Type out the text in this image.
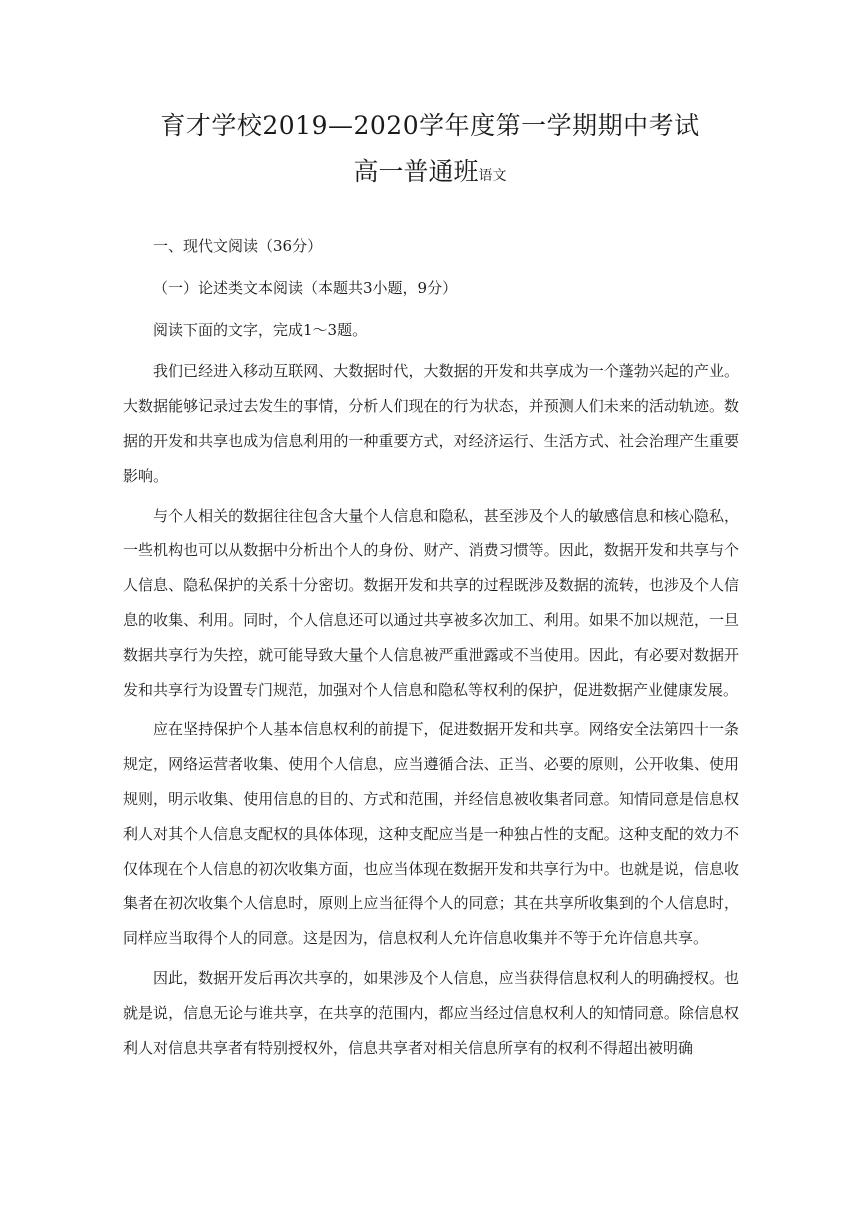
育才学校2019—2020学年度第一学期期中考试
高一普通班语文

一、现代文阅读（36分）

（一）论述类文本阅读（本题共3小题，9分）

阅读下面的文字，完成1～3题。

我们已经进入移动互联网、大数据时代，大数据的开发和共享成为一个蓬勃兴起的产业。大数据能够记录过去发生的事情，分析人们现在的行为状态，并预测人们未来的活动轨迹。数据的开发和共享也成为信息利用的一种重要方式，对经济运行、生活方式、社会治理产生重要影响。

与个人相关的数据往往包含大量个人信息和隐私，甚至涉及个人的敏感信息和核心隐私，一些机构也可以从数据中分析出个人的身份、财产、消费习惯等。因此，数据开发和共享与个人信息、隐私保护的关系十分密切。数据开发和共享的过程既涉及数据的流转，也涉及个人信息的收集、利用。同时，个人信息还可以通过共享被多次加工、利用。如果不加以规范，一旦数据共享行为失控，就可能导致大量个人信息被严重泄露或不当使用。因此，有必要对数据开发和共享行为设置专门规范，加强对个人信息和隐私等权利的保护，促进数据产业健康发展。

应在坚持保护个人基本信息权利的前提下，促进数据开发和共享。网络安全法第四十一条规定，网络运营者收集、使用个人信息，应当遵循合法、正当、必要的原则，公开收集、使用规则，明示收集、使用信息的目的、方式和范围，并经信息被收集者同意。知情同意是信息权利人对其个人信息支配权的具体体现，这种支配应当是一种独占性的支配。这种支配的效力不仅体现在个人信息的初次收集方面，也应当体现在数据开发和共享行为中。也就是说，信息收集者在初次收集个人信息时，原则上应当征得个人的同意；其在共享所收集到的个人信息时，同样应当取得个人的同意。这是因为，信息权利人允许信息收集并不等于允许信息共享。

因此，数据开发后再次共享的，如果涉及个人信息，应当获得信息权利人的明确授权。也就是说，信息无论与谁共享，在共享的范围内，都应当经过信息权利人的知情同意。除信息权利人对信息共享者有特别授权外，信息共享者对相关信息所享有的权利不得超出被明确
